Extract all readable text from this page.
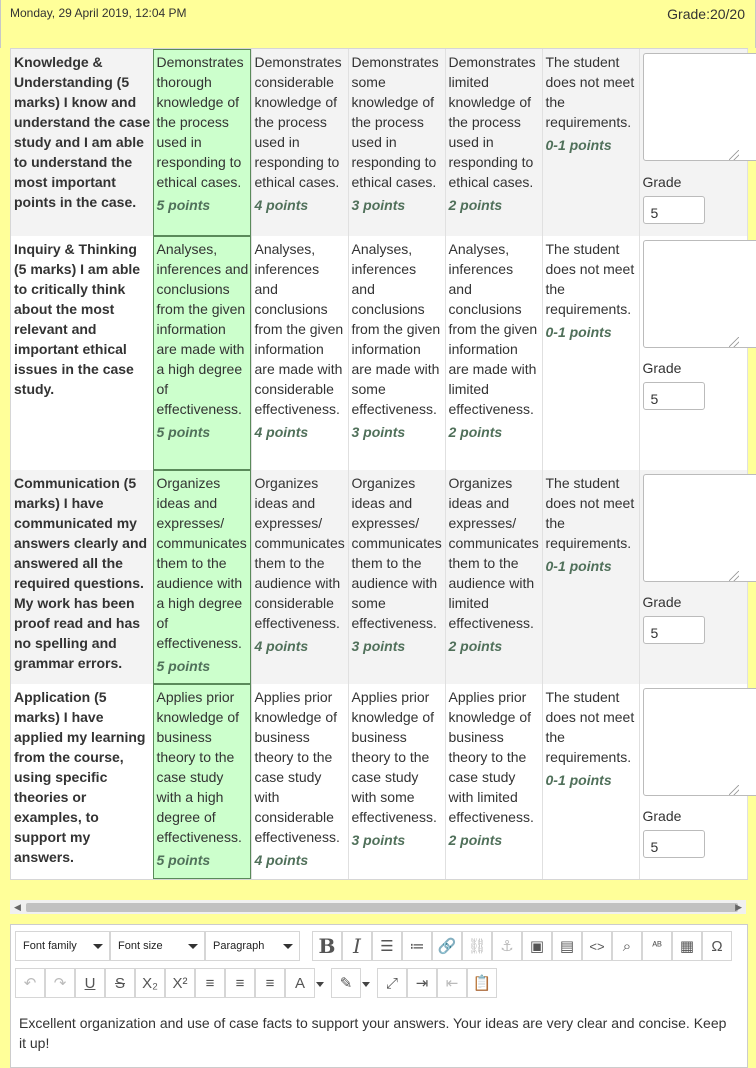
Monday, 29 April 2019, 12:04 PM	Grade:20/20
Knowledge & Understanding (5 marks) I know and understand the case study and I am able to understand the most important points in the case.	Demonstrates thorough knowledge of the process used in responding to ethical cases.
5 points	Demonstrates considerable knowledge of the process used in responding to ethical cases.
4 points	Demonstrates some knowledge of the process used in responding to ethical cases.
3 points	Demonstrates limited knowledge of the process used in responding to ethical cases.
2 points	The student does not meet the requirements.
0-1 points	Grade
5

Inquiry & Thinking (5 marks) I am able to critically think about the most relevant and important ethical issues in the case study.	Analyses, inferences and conclusions from the given information are made with a high degree of effectiveness.
5 points	Analyses, inferences and conclusions from the given information are made with considerable effectiveness.
4 points	Analyses, inferences and conclusions from the given information are made with some effectiveness.
3 points	Analyses, inferences and conclusions from the given information are made with limited effectiveness.
2 points	The student does not meet the requirements.
0-1 points	Grade
5

Communication (5 marks) I have communicated my answers clearly and answered all the required questions. My work has been proof read and has no spelling and grammar errors.	Organizes ideas and expresses/ communicates them to the audience with a high degree of effectiveness.
5 points	Organizes ideas and expresses/ communicates them to the audience with considerable effectiveness.
4 points	Organizes ideas and expresses/ communicates them to the audience with some effectiveness.
3 points	Organizes ideas and expresses/ communicates them to the audience with limited effectiveness.
2 points	The student does not meet the requirements.
0-1 points	Grade
5

Application (5 marks) I have applied my learning from the course, using specific theories or examples, to support my answers.	Applies prior knowledge of business theory to the case study with a high degree of effectiveness.
5 points	Applies prior knowledge of business theory to the case study with considerable effectiveness.
4 points	Applies prior knowledge of business theory to the case study with some effectiveness.
3 points	Applies prior knowledge of business theory to the case study with limited effectiveness.
2 points	The student does not meet the requirements.
0-1 points	Grade
5
◀	▶
Font family	Font size	Paragraph	B I ☰ ≔ 🔗 ⛓ ⚓ ▣ ▤ <> ⌕ ᴬᴮ ▦ Ω
↶ ↷ U S X₂ X² ≡ ≡ ≡ A ✎ ⤢ ⇥ ⇤ 📋
Excellent organization and use of case facts to support your answers. Your ideas are very clear and concise. Keep it up!
